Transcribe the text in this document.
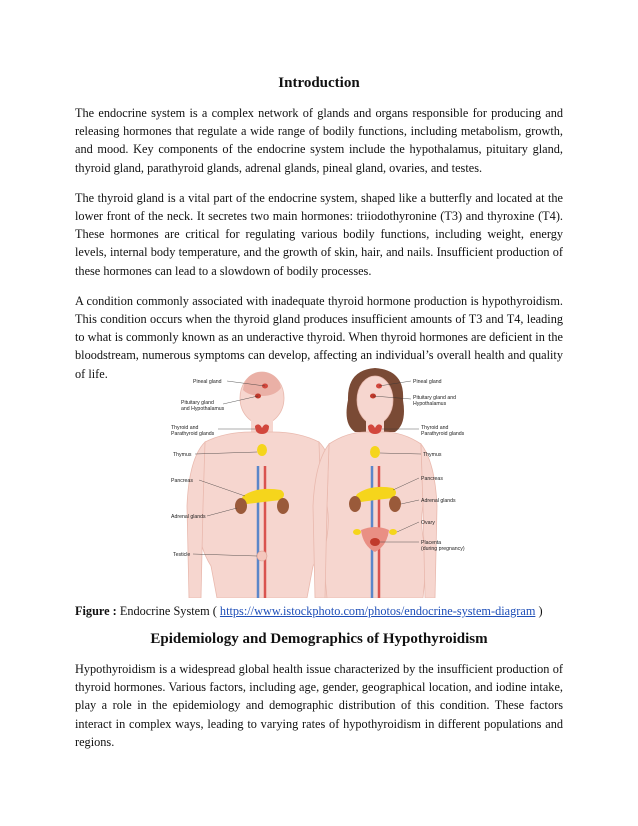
Introduction

The endocrine system is a complex network of glands and organs responsible for producing and releasing hormones that regulate a wide range of bodily functions, including metabolism, growth, and mood. Key components of the endocrine system include the hypothalamus, pituitary gland, thyroid gland, parathyroid glands, adrenal glands, pineal gland, ovaries, and testes.

The thyroid gland is a vital part of the endocrine system, shaped like a butterfly and located at the lower front of the neck. It secretes two main hormones: triiodothyronine (T3) and thyroxine (T4). These hormones are critical for regulating various bodily functions, including weight, energy levels, internal body temperature, and the growth of skin, hair, and nails. Insufficient production of these hormones can lead to a slowdown of bodily processes.

A condition commonly associated with inadequate thyroid hormone production is hypothyroidism. This condition occurs when the thyroid gland produces insufficient amounts of T3 and T4, leading to what is commonly known as an underactive thyroid. When thyroid hormones are deficient in the bloodstream, numerous symptoms can develop, affecting an individual’s overall health and quality of life.

Pineal gland
Pituitary gland
and Hypothalamus
Thyroid and
Parathyroid glands
Thymus
Pancreas
Adrenal glands
Testicle
Pineal gland
Pituitary gland and
Hypothalamus
Thyroid and
Parathyroid glands
Thymus
Pancreas
Adrenal glands
Ovary
Placenta
(during pregnancy)
Figure : Endocrine System ( https://www.istockphoto.com/photos/endocrine-system-diagram )
Epidemiology and Demographics of Hypothyroidism

Hypothyroidism is a widespread global health issue characterized by the insufficient production of thyroid hormones. Various factors, including age, gender, geographical location, and iodine intake, play a role in the epidemiology and demographic distribution of this condition. These factors interact in complex ways, leading to varying rates of hypothyroidism in different populations and regions.
